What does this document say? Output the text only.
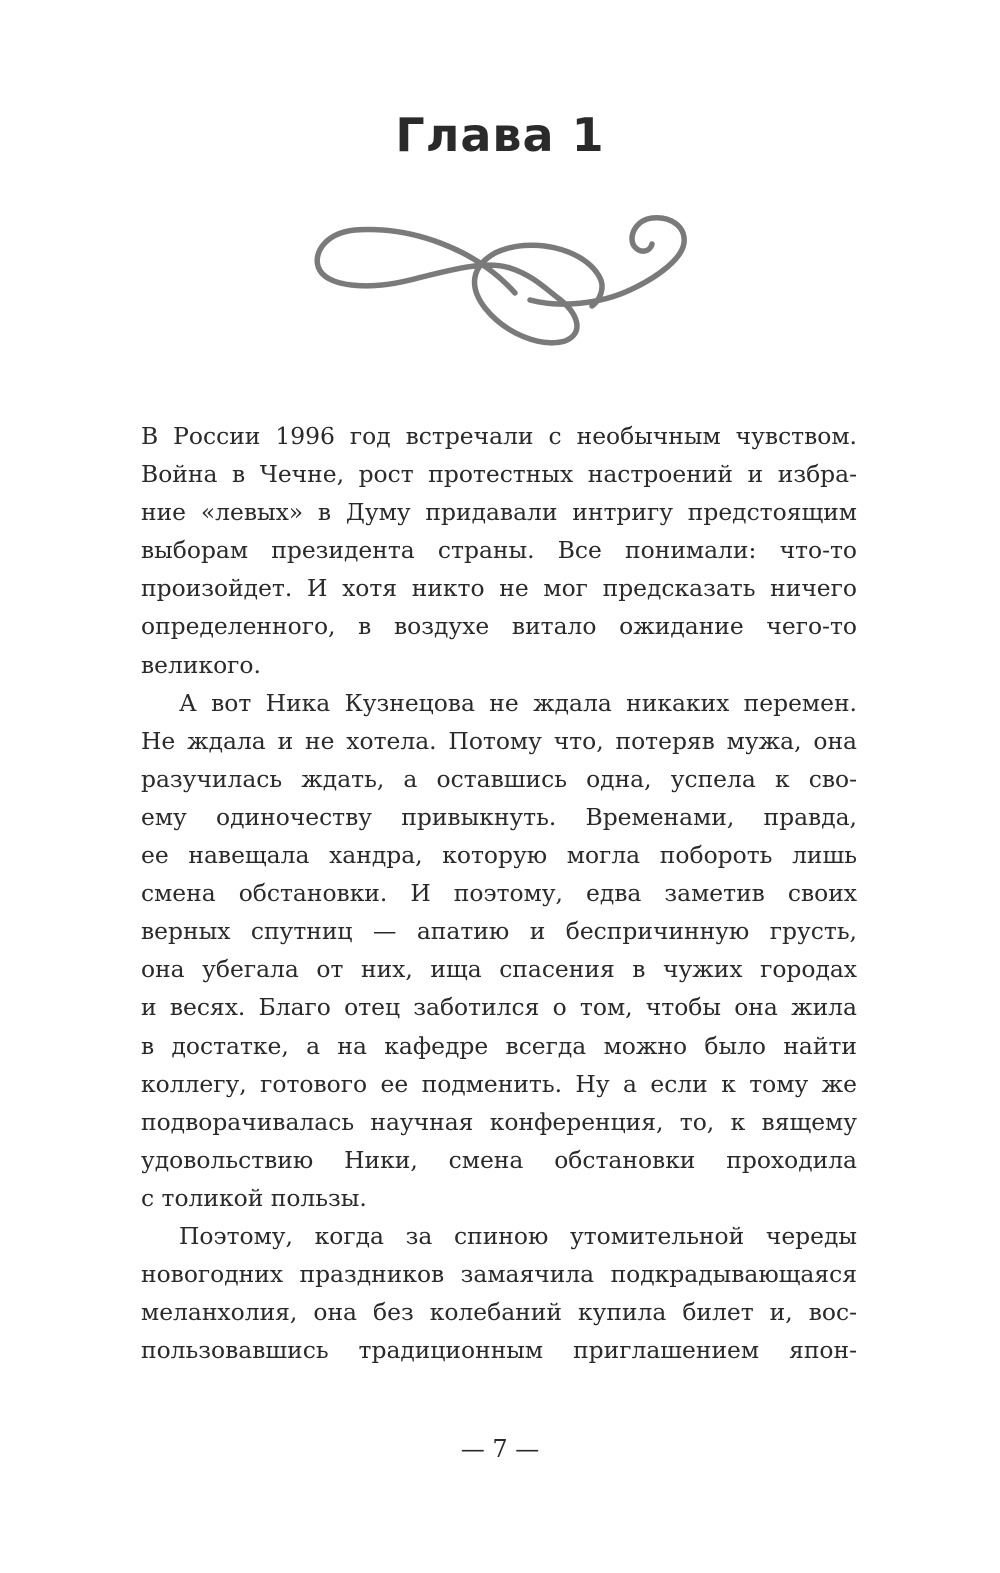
Глава 1
В России 1996 год встречали с необычным чувством.
Война в Чечне, рост протестных настроений и избра-
ние «левых» в Думу придавали интригу предстоящим
выборам президента страны. Все понимали: что-то
произойдет. И хотя никто не мог предсказать ничего
определенного, в воздухе витало ожидание чего-то
великого.
А вот Ника Кузнецова не ждала никаких перемен.
Не ждала и не хотела. Потому что, потеряв мужа, она
разучилась ждать, а оставшись одна, успела к сво-
ему одиночеству привыкнуть. Временами, правда,
ее навещала хандра, которую могла побороть лишь
смена обстановки. И поэтому, едва заметив своих
верных спутниц — апатию и беспричинную грусть,
она убегала от них, ища спасения в чужих городах
и весях. Благо отец заботился о том, чтобы она жила
в достатке, а на кафедре всегда можно было найти
коллегу, готового ее подменить. Ну а если к тому же
подворачивалась научная конференция, то, к вящему
удовольствию Ники, смена обстановки проходила
с толикой пользы.
Поэтому, когда за спиною утомительной череды
новогодних праздников замаячила подкрадывающаяся
меланхолия, она без колебаний купила билет и, вос-
пользовавшись традиционным приглашением япон-
— 7 —
